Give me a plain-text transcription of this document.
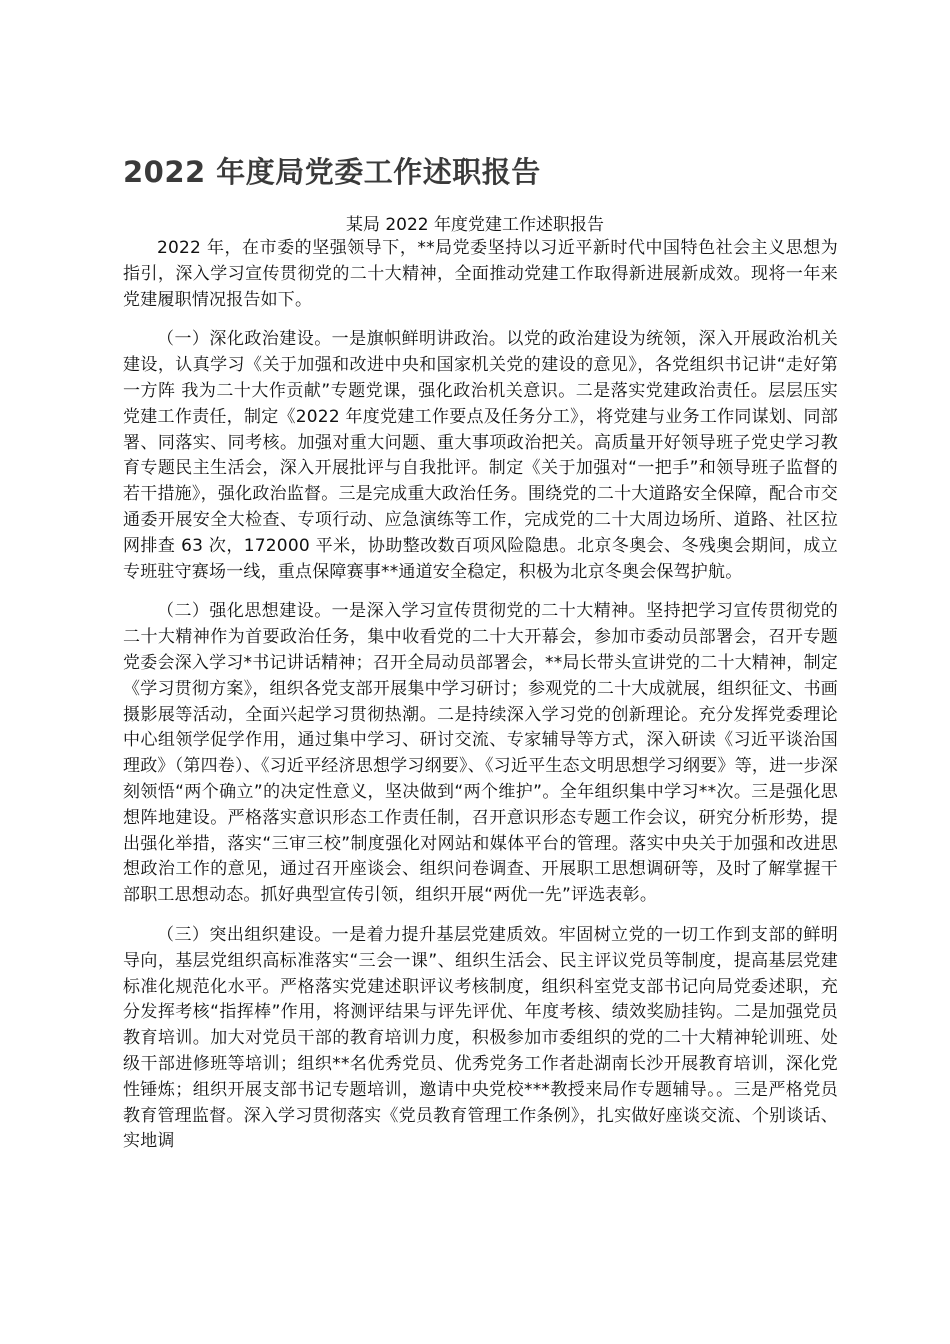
2022 年度局党委工作述职报告
某局 2022 年度党建工作述职报告

2022 年，在市委的坚强领导下，**局党委坚持以习近平新时代中国特色社会主义思想为指引，深入学习宣传贯彻党的二十大精神，全面推动党建工作取得新进展新成效。现将一年来党建履职情况报告如下。

（一）深化政治建设。一是旗帜鲜明讲政治。以党的政治建设为统领，深入开展政治机关建设，认真学习《关于加强和改进中央和国家机关党的建设的意见》，各党组织书记讲“走好第一方阵 我为二十大作贡献”专题党课，强化政治机关意识。二是落实党建政治责任。层层压实党建工作责任，制定《2022 年度党建工作要点及任务分工》，将党建与业务工作同谋划、同部署、同落实、同考核。加强对重大问题、重大事项政治把关。高质量开好领导班子党史学习教育专题民主生活会，深入开展批评与自我批评。制定《关于加强对“一把手”和领导班子监督的若干措施》，强化政治监督。三是完成重大政治任务。围绕党的二十大道路安全保障，配合市交通委开展安全大检查、专项行动、应急演练等工作，完成党的二十大周边场所、道路、社区拉网排查 63 次，172000 平米，协助整改数百项风险隐患。北京冬奥会、冬残奥会期间，成立专班驻守赛场一线，重点保障赛事**通道安全稳定，积极为北京冬奥会保驾护航。

（二）强化思想建设。一是深入学习宣传贯彻党的二十大精神。坚持把学习宣传贯彻党的二十大精神作为首要政治任务，集中收看党的二十大开幕会，参加市委动员部署会，召开专题党委会深入学习*书记讲话精神；召开全局动员部署会，**局长带头宣讲党的二十大精神，制定《学习贯彻方案》，组织各党支部开展集中学习研讨；参观党的二十大成就展，组织征文、书画摄影展等活动，全面兴起学习贯彻热潮。二是持续深入学习党的创新理论。充分发挥党委理论中心组领学促学作用，通过集中学习、研讨交流、专家辅导等方式，深入研读《习近平谈治国理政》（第四卷）、《习近平经济思想学习纲要》、《习近平生态文明思想学习纲要》等，进一步深刻领悟“两个确立”的决定性意义，坚决做到“两个维护”。全年组织集中学习**次。三是强化思想阵地建设。严格落实意识形态工作责任制，召开意识形态专题工作会议，研究分析形势，提出强化举措，落实“三审三校”制度强化对网站和媒体平台的管理。落实中央关于加强和改进思想政治工作的意见，通过召开座谈会、组织问卷调查、开展职工思想调研等，及时了解掌握干部职工思想动态。抓好典型宣传引领，组织开展“两优一先”评选表彰。

（三）突出组织建设。一是着力提升基层党建质效。牢固树立党的一切工作到支部的鲜明导向，基层党组织高标准落实“三会一课”、组织生活会、民主评议党员等制度，提高基层党建标准化规范化水平。严格落实党建述职评议考核制度，组织科室党支部书记向局党委述职，充分发挥考核“指挥棒”作用，将测评结果与评先评优、年度考核、绩效奖励挂钩。二是加强党员教育培训。加大对党员干部的教育培训力度，积极参加市委组织的党的二十大精神轮训班、处级干部进修班等培训；组织**名优秀党员、优秀党务工作者赴湖南长沙开展教育培训，深化党性锤炼；组织开展支部书记专题培训，邀请中央党校***教授来局作专题辅导。。三是严格党员教育管理监督。深入学习贯彻落实《党员教育管理工作条例》，扎实做好座谈交流、个别谈话、实地调
